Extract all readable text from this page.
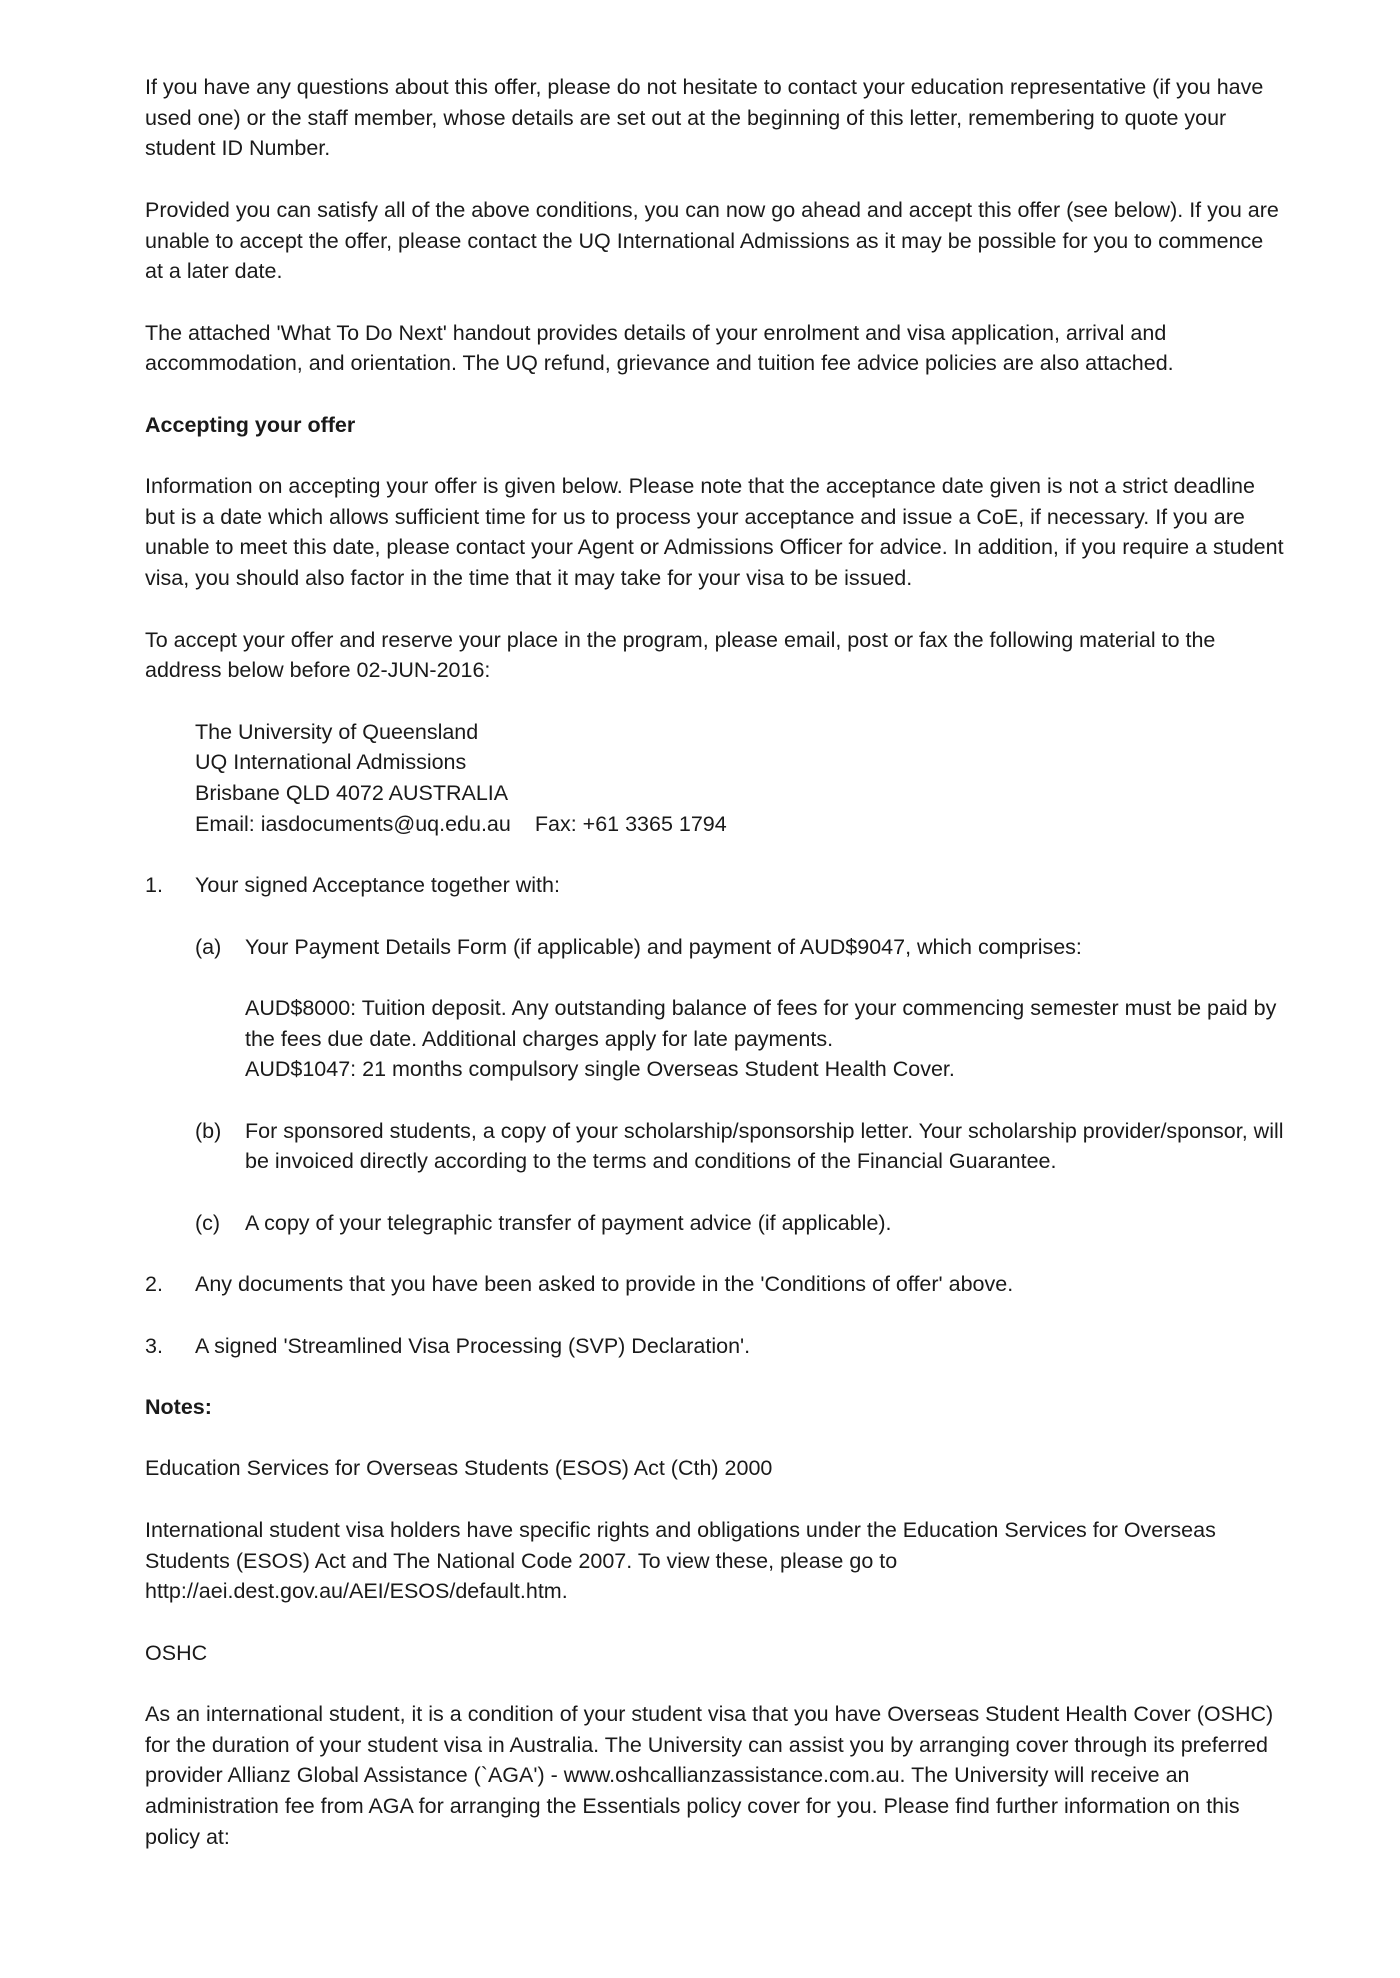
If you have any questions about this offer, please do not hesitate to contact your education representative (if you have used one) or the staff member, whose details are set out at the beginning of this letter, remembering to quote your student ID Number.

Provided you can satisfy all of the above conditions, you can now go ahead and accept this offer (see below). If you are unable to accept the offer, please contact the UQ International Admissions as it may be possible for you to commence at a later date.

The attached 'What To Do Next' handout provides details of your enrolment and visa application, arrival and accommodation, and orientation. The UQ refund, grievance and tuition fee advice policies are also attached.

Accepting your offer

Information on accepting your offer is given below. Please note that the acceptance date given is not a strict deadline but is a date which allows sufficient time for us to process your acceptance and issue a CoE, if necessary. If you are unable to meet this date, please contact your Agent or Admissions Officer for advice. In addition, if you require a student visa, you should also factor in the time that it may take for your visa to be issued.

To accept your offer and reserve your place in the program, please email, post or fax the following material to the address below before 02-JUN-2016:

The University of Queensland
UQ International Admissions
Brisbane QLD 4072 AUSTRALIA
Email: iasdocuments@uq.edu.au Fax: +61 3365 1794
1.	Your signed Acceptance together with:
(a)	Your Payment Details Form (if applicable) and payment of AUD$9047, which comprises:
AUD$8000: Tuition deposit. Any outstanding balance of fees for your commencing semester must be paid by the fees due date. Additional charges apply for late payments.
AUD$1047: 21 months compulsory single Overseas Student Health Cover.
(b)	For sponsored students, a copy of your scholarship/sponsorship letter. Your scholarship provider/sponsor, will be invoiced directly according to the terms and conditions of the Financial Guarantee.
(c)	A copy of your telegraphic transfer of payment advice (if applicable).
2.	Any documents that you have been asked to provide in the 'Conditions of offer' above.
3.	A signed 'Streamlined Visa Processing (SVP) Declaration'.

Notes:

Education Services for Overseas Students (ESOS) Act (Cth) 2000

International student visa holders have specific rights and obligations under the Education Services for Overseas Students (ESOS) Act and The National Code 2007. To view these, please go to http://aei.dest.gov.au/AEI/ESOS/default.htm.

OSHC

As an international student, it is a condition of your student visa that you have Overseas Student Health Cover (OSHC) for the duration of your student visa in Australia. The University can assist you by arranging cover through its preferred provider Allianz Global Assistance (`AGA') - www.oshcallianzassistance.com.au. The University will receive an administration fee from AGA for arranging the Essentials policy cover for you. Please find further information on this policy at:
